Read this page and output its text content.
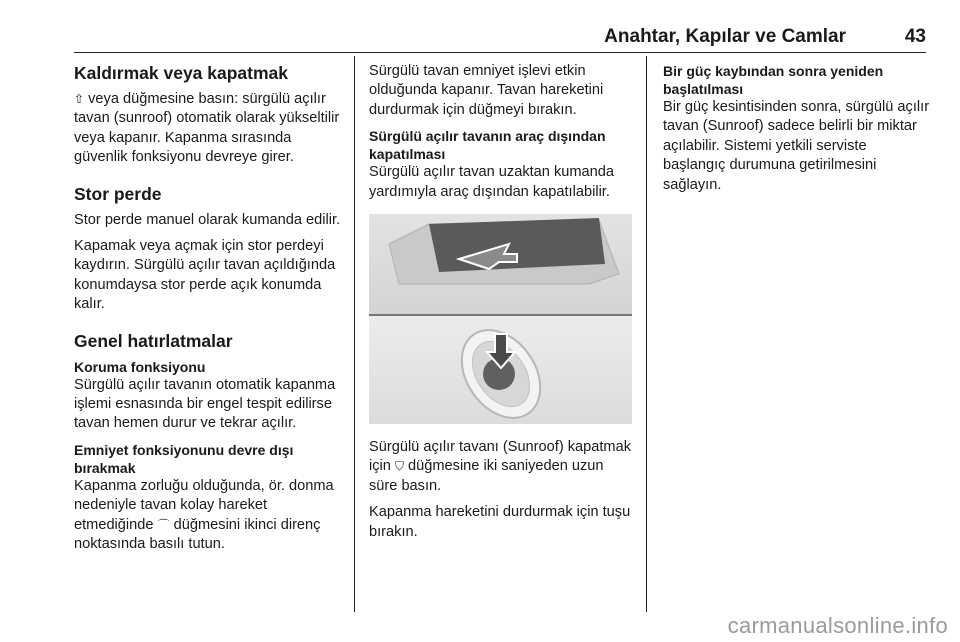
Anahtar, Kapılar ve Camlar	43
Kaldırmak veya kapatmak

⇧ veya düğmesine basın: sürgülü açılır tavan (sunroof) otomatik olarak yükseltilir veya kapanır. Kapanma sırasında güvenlik fonksiyonu devreye girer.

Stor perde

Stor perde manuel olarak kumanda edilir.

Kapamak veya açmak için stor perdeyi kaydırın. Sürgülü açılır tavan açıldığında konumdaysa stor perde açık konumda kalır.

Genel hatırlatmalar
Koruma fonksiyonu

Sürgülü açılır tavanın otomatik kapanma işlemi esnasında bir engel tespit edilirse tavan hemen durur ve tekrar açılır.

Emniyet fonksiyonunu devre dışı bırakmak

Kapanma zorluğu olduğunda, ör. donma nedeniyle tavan kolay hareket etmediğinde ⌒ düğmesini ikinci direnç noktasında basılı tutun.

Sürgülü tavan emniyet işlevi etkin olduğunda kapanır. Tavan hareketini durdurmak için düğmeyi bırakın.

Sürgülü açılır tavanın araç dışından kapatılması

Sürgülü açılır tavan uzaktan kumanda yardımıyla araç dışından kapatılabilir.

Sürgülü açılır tavanı (Sunroof) kapatmak için ⛉ düğmesine iki saniyeden uzun süre basın.

Kapanma hareketini durdurmak için tuşu bırakın.

Bir güç kaybından sonra yeniden başlatılması

Bir güç kesintisinden sonra, sürgülü açılır tavan (Sunroof) sadece belirli bir miktar açılabilir. Sistemi yetkili serviste başlangıç durumuna getirilmesini sağlayın.

carmanualsonline.info
